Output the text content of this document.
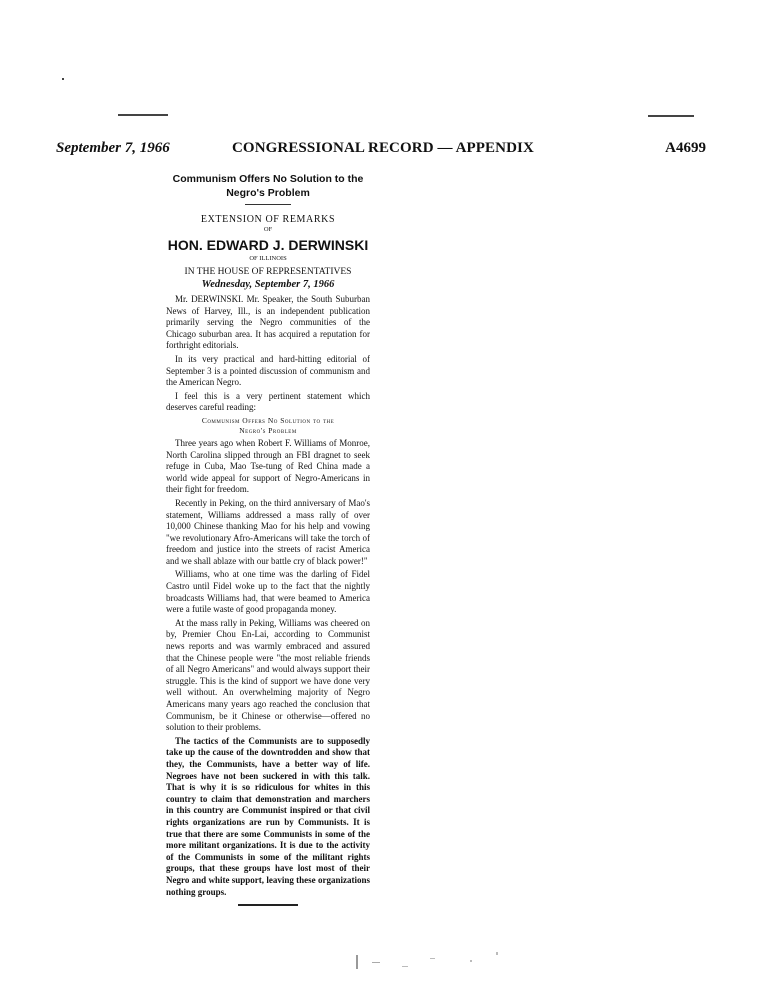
September 7, 1966	CONGRESSIONAL RECORD — APPENDIX	A4699

Communism Offers No Solution to the
Negro's Problem

EXTENSION OF REMARKS

OF

HON. EDWARD J. DERWINSKI

OF ILLINOIS

IN THE HOUSE OF REPRESENTATIVES

Wednesday, September 7, 1966

Mr. DERWINSKI. Mr. Speaker, the South Suburban News of Harvey, Ill., is an independent publication primarily serving the Negro communities of the Chicago suburban area. It has acquired a reputation for forthright editorials.

In its very practical and hard-hitting editorial of September 3 is a pointed discussion of communism and the American Negro.

I feel this is a very pertinent statement which deserves careful reading:

Communism Offers No Solution to the
Negro's Problem

Three years ago when Robert F. Williams of Monroe, North Carolina slipped through an FBI dragnet to seek refuge in Cuba, Mao Tse-tung of Red China made a world wide appeal for support of Negro-Americans in their fight for freedom.

Recently in Peking, on the third anniversary of Mao's statement, Williams addressed a mass rally of over 10,000 Chinese thanking Mao for his help and vowing "we revolutionary Afro-Americans will take the torch of freedom and justice into the streets of racist America and we shall ablaze with our battle cry of black power!"

Williams, who at one time was the darling of Fidel Castro until Fidel woke up to the fact that the nightly broadcasts Williams had, that were beamed to America were a futile waste of good propaganda money.

At the mass rally in Peking, Williams was cheered on by, Premier Chou En-Lai, according to Communist news reports and was warmly embraced and assured that the Chinese people were "the most reliable friends of all Negro Americans" and would always support their struggle. This is the kind of support we have done very well without. An overwhelming majority of Negro Americans many years ago reached the conclusion that Communism, be it Chinese or otherwise—offered no solution to their problems.

The tactics of the Communists are to supposedly take up the cause of the downtrodden and show that they, the Communists, have a better way of life. Negroes have not been suckered in with this talk. That is why it is so ridiculous for whites in this country to claim that demonstration and marchers in this country are Communist inspired or that civil rights organizations are run by Communists. It is true that there are some Communists in some of the more militant organizations. It is due to the activity of the Communists in some of the militant rights groups, that these groups have lost most of their Negro and white support, leaving these organizations nothing groups.
